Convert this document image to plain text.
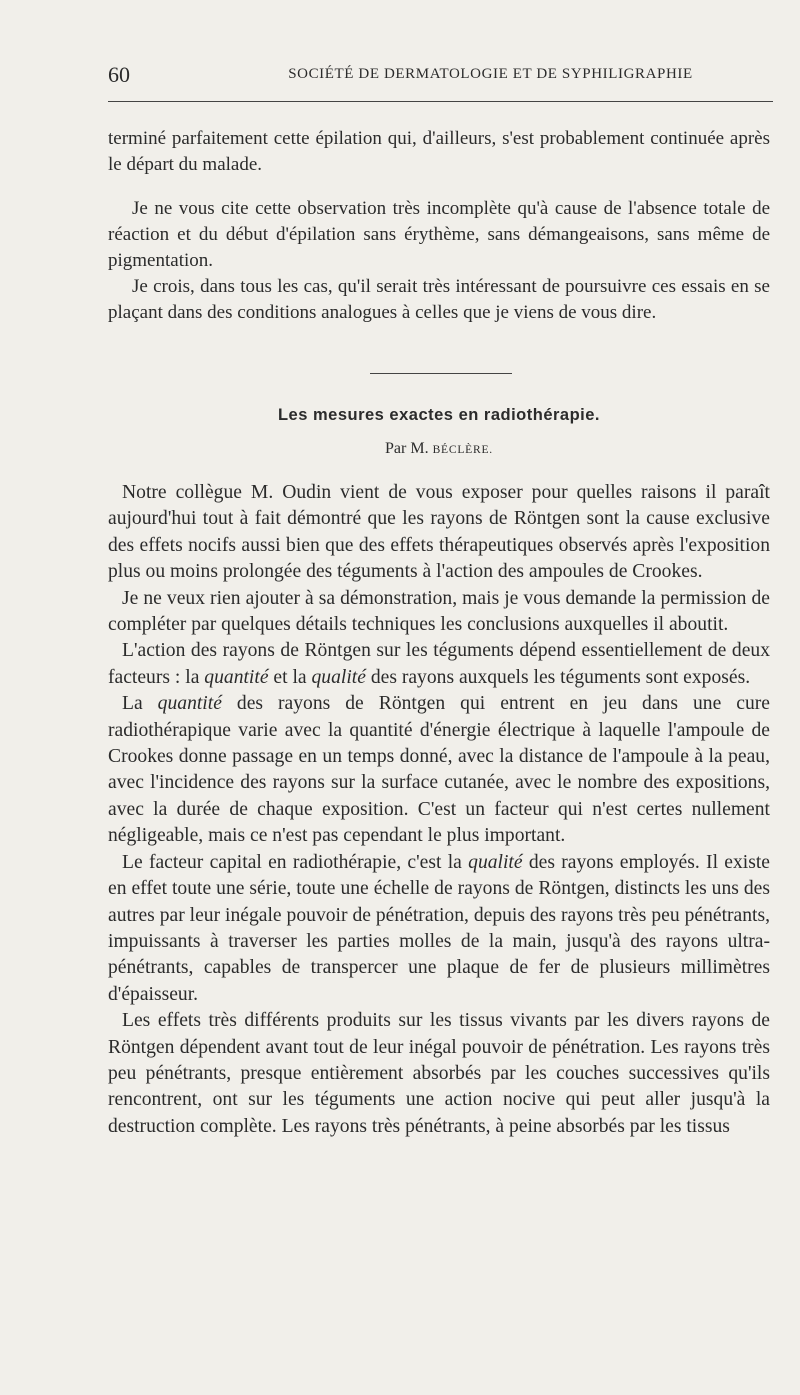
60	SOCIÉTÉ DE DERMATOLOGIE ET DE SYPHILIGRAPHIE

terminé parfaitement cette épilation qui, d'ailleurs, s'est probablement continuée après le départ du malade.

Je ne vous cite cette observation très incomplète qu'à cause de l'absence totale de réaction et du début d'épilation sans érythème, sans démangeaisons, sans même de pigmentation.

Je crois, dans tous les cas, qu'il serait très intéressant de poursuivre ces essais en se plaçant dans des conditions analogues à celles que je viens de vous dire.

Les mesures exactes en radiothérapie.
Par M. BÉCLÈRE.

Notre collègue M. Oudin vient de vous exposer pour quelles raisons il paraît aujourd'hui tout à fait démontré que les rayons de Röntgen sont la cause exclusive des effets nocifs aussi bien que des effets thérapeutiques observés après l'exposition plus ou moins prolongée des téguments à l'action des ampoules de Crookes.

Je ne veux rien ajouter à sa démonstration, mais je vous demande la permission de compléter par quelques détails techniques les conclusions auxquelles il aboutit.

L'action des rayons de Röntgen sur les téguments dépend essentiellement de deux facteurs : la quantité et la qualité des rayons auxquels les téguments sont exposés.

La quantité des rayons de Röntgen qui entrent en jeu dans une cure radiothérapique varie avec la quantité d'énergie électrique à laquelle l'ampoule de Crookes donne passage en un temps donné, avec la distance de l'ampoule à la peau, avec l'incidence des rayons sur la surface cutanée, avec le nombre des expositions, avec la durée de chaque exposition. C'est un facteur qui n'est certes nullement négligeable, mais ce n'est pas cependant le plus important.

Le facteur capital en radiothérapie, c'est la qualité des rayons employés. Il existe en effet toute une série, toute une échelle de rayons de Röntgen, distincts les uns des autres par leur inégale pouvoir de pénétration, depuis des rayons très peu pénétrants, impuissants à traverser les parties molles de la main, jusqu'à des rayons ultra-pénétrants, capables de transpercer une plaque de fer de plusieurs millimètres d'épaisseur.

Les effets très différents produits sur les tissus vivants par les divers rayons de Röntgen dépendent avant tout de leur inégal pouvoir de pénétration. Les rayons très peu pénétrants, presque entièrement absorbés par les couches successives qu'ils rencontrent, ont sur les téguments une action nocive qui peut aller jusqu'à la destruction complète. Les rayons très pénétrants, à peine absorbés par les tissus
